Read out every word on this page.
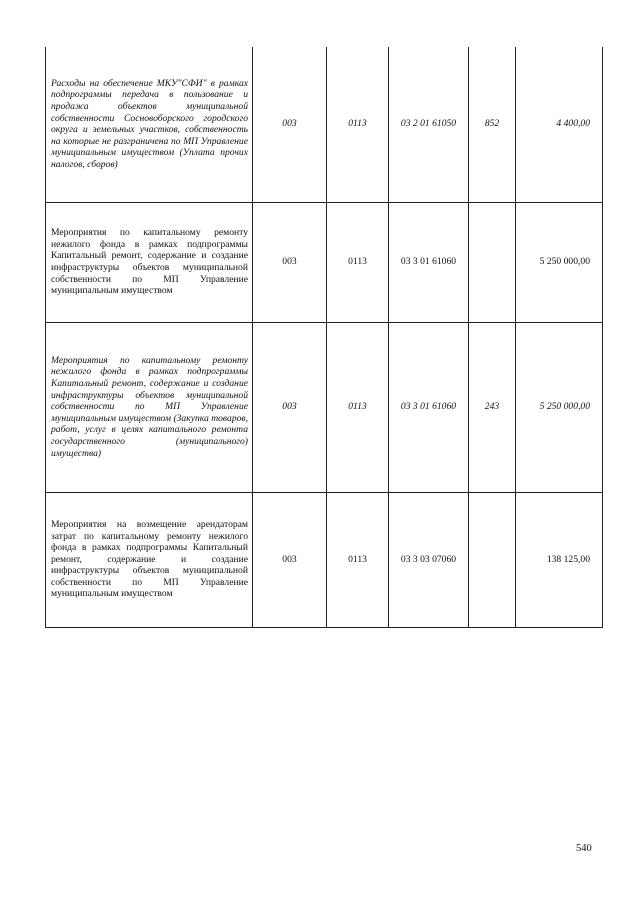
Расходы на обеспечение МКУ"СФИ" в рамках подпрограммы передача в пользование и продажа объектов муниципальной собственности Сосновоборского городского округа и земельных участков, собственность на которые не разграничена по МП Управление муниципальным имуществом (Уплата прочих налогов, сборов)	003	0113	03 2 01 61050	852	4 400,00
Мероприятия по капитальному ремонту нежилого фонда в рамках подпрограммы Капитальный ремонт, содержание и создание инфраструктуры объектов муниципальной собственности по МП Управление муниципальным имуществом	003	0113	03 3 01 61060		5 250 000,00
Мероприятия по капитальному ремонту нежилого фонда в рамках подпрограммы Капитальный ремонт, содержание и создание инфраструктуры объектов муниципальной собственности по МП Управление муниципальным имуществом (Закупка товаров, работ, услуг в целях капитального ремонта государственного (муниципального) имущества)	003	0113	03 3 01 61060	243	5 250 000,00
Мероприятия на возмещение арендаторам затрат по капитальному ремонту нежилого фонда в рамках подпрограммы Капитальный ремонт, содержание и создание инфраструктуры объектов муниципальной собственности по МП Управление муниципальным имуществом	003	0113	03 3 03 07060		138 125,00
540
